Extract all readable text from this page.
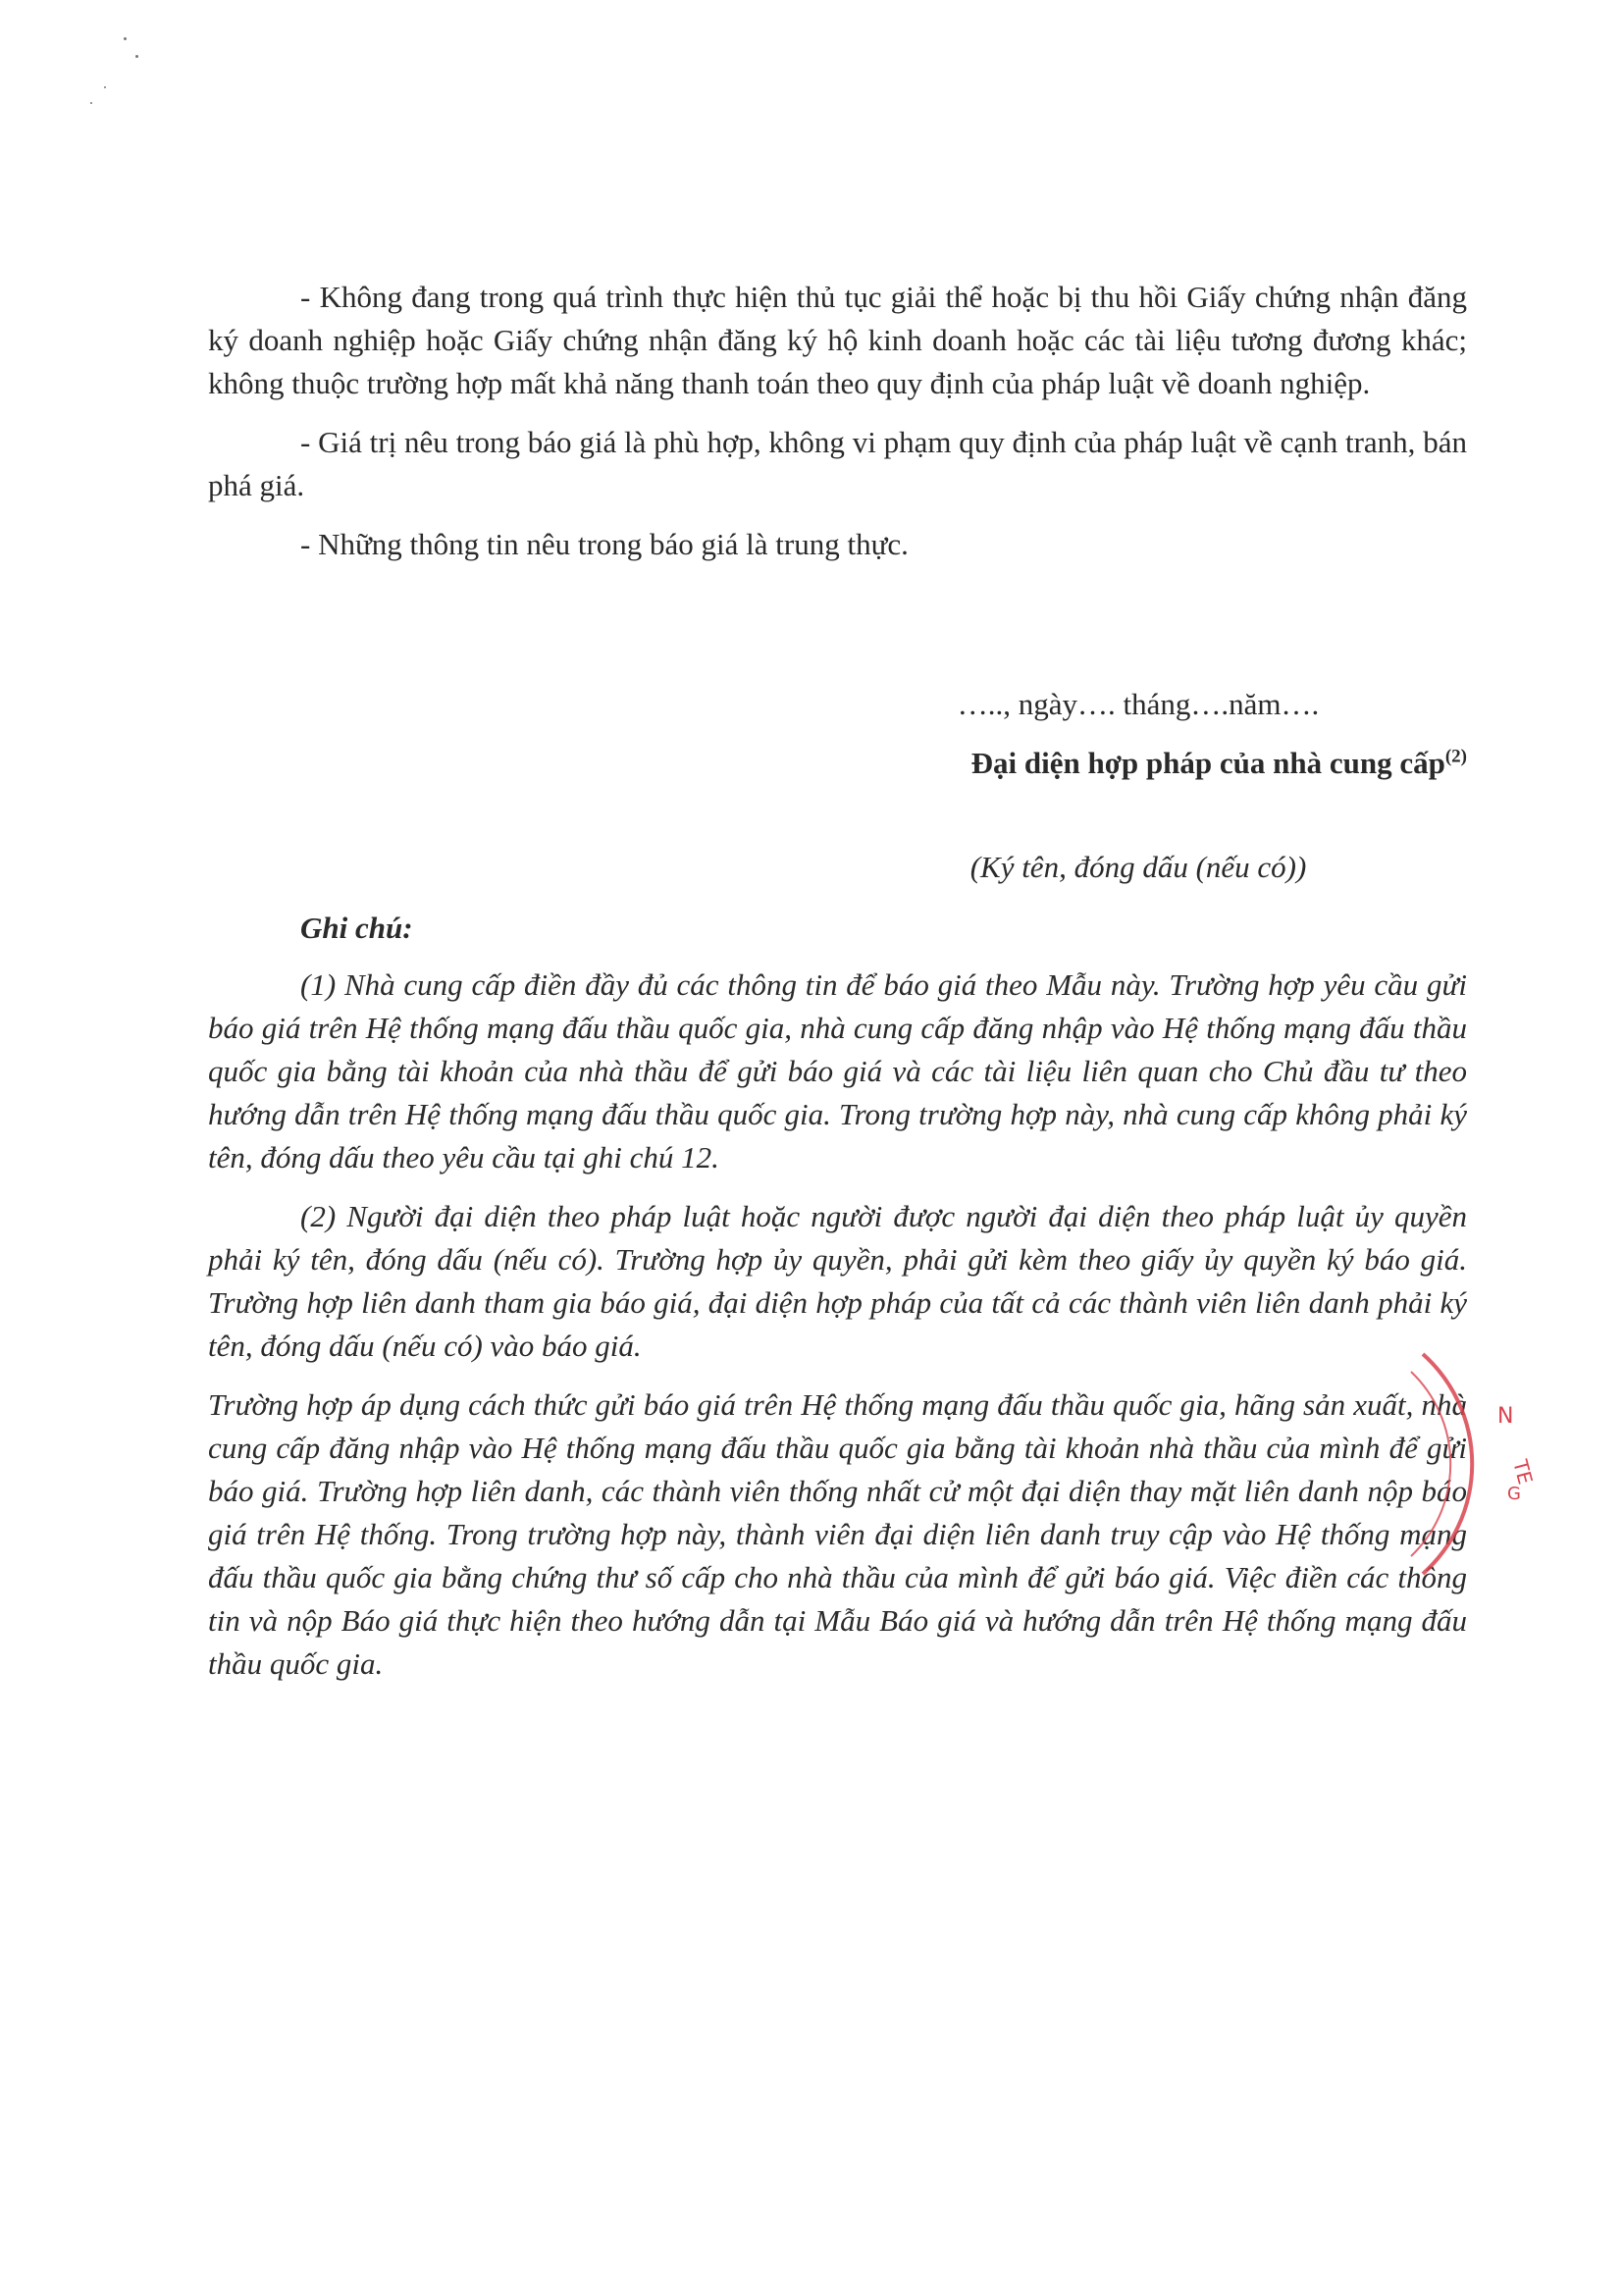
- Không đang trong quá trình thực hiện thủ tục giải thể hoặc bị thu hồi Giấy chứng nhận đăng ký doanh nghiệp hoặc Giấy chứng nhận đăng ký hộ kinh doanh hoặc các tài liệu tương đương khác; không thuộc trường hợp mất khả năng thanh toán theo quy định của pháp luật về doanh nghiệp.

- Giá trị nêu trong báo giá là phù hợp, không vi phạm quy định của pháp luật về cạnh tranh, bán phá giá.

- Những thông tin nêu trong báo giá là trung thực.

….., ngày…. tháng….năm….
Đại diện hợp pháp của nhà cung cấp$^{(2)}$
(Ký tên, đóng dấu (nếu có))
Ghi chú:

(1) Nhà cung cấp điền đầy đủ các thông tin để báo giá theo Mẫu này. Trường hợp yêu cầu gửi báo giá trên Hệ thống mạng đấu thầu quốc gia, nhà cung cấp đăng nhập vào Hệ thống mạng đấu thầu quốc gia bằng tài khoản của nhà thầu để gửi báo giá và các tài liệu liên quan cho Chủ đầu tư theo hướng dẫn trên Hệ thống mạng đấu thầu quốc gia. Trong trường hợp này, nhà cung cấp không phải ký tên, đóng dấu theo yêu cầu tại ghi chú 12.

(2) Người đại diện theo pháp luật hoặc người được người đại diện theo pháp luật ủy quyền phải ký tên, đóng dấu (nếu có). Trường hợp ủy quyền, phải gửi kèm theo giấy ủy quyền ký báo giá. Trường hợp liên danh tham gia báo giá, đại diện hợp pháp của tất cả các thành viên liên danh phải ký tên, đóng dấu (nếu có) vào báo giá.

Trường hợp áp dụng cách thức gửi báo giá trên Hệ thống mạng đấu thầu quốc gia, hãng sản xuất, nhà cung cấp đăng nhập vào Hệ thống mạng đấu thầu quốc gia bằng tài khoản nhà thầu của mình để gửi báo giá. Trường hợp liên danh, các thành viên thống nhất cử một đại diện thay mặt liên danh nộp báo giá trên Hệ thống. Trong trường hợp này, thành viên đại diện liên danh truy cập vào Hệ thống mạng đấu thầu quốc gia bằng chứng thư số cấp cho nhà thầu của mình để gửi báo giá. Việc điền các thông tin và nộp Báo giá thực hiện theo hướng dẫn tại Mẫu Báo giá và hướng dẫn trên Hệ thống mạng đấu thầu quốc gia.

N
TE
G
